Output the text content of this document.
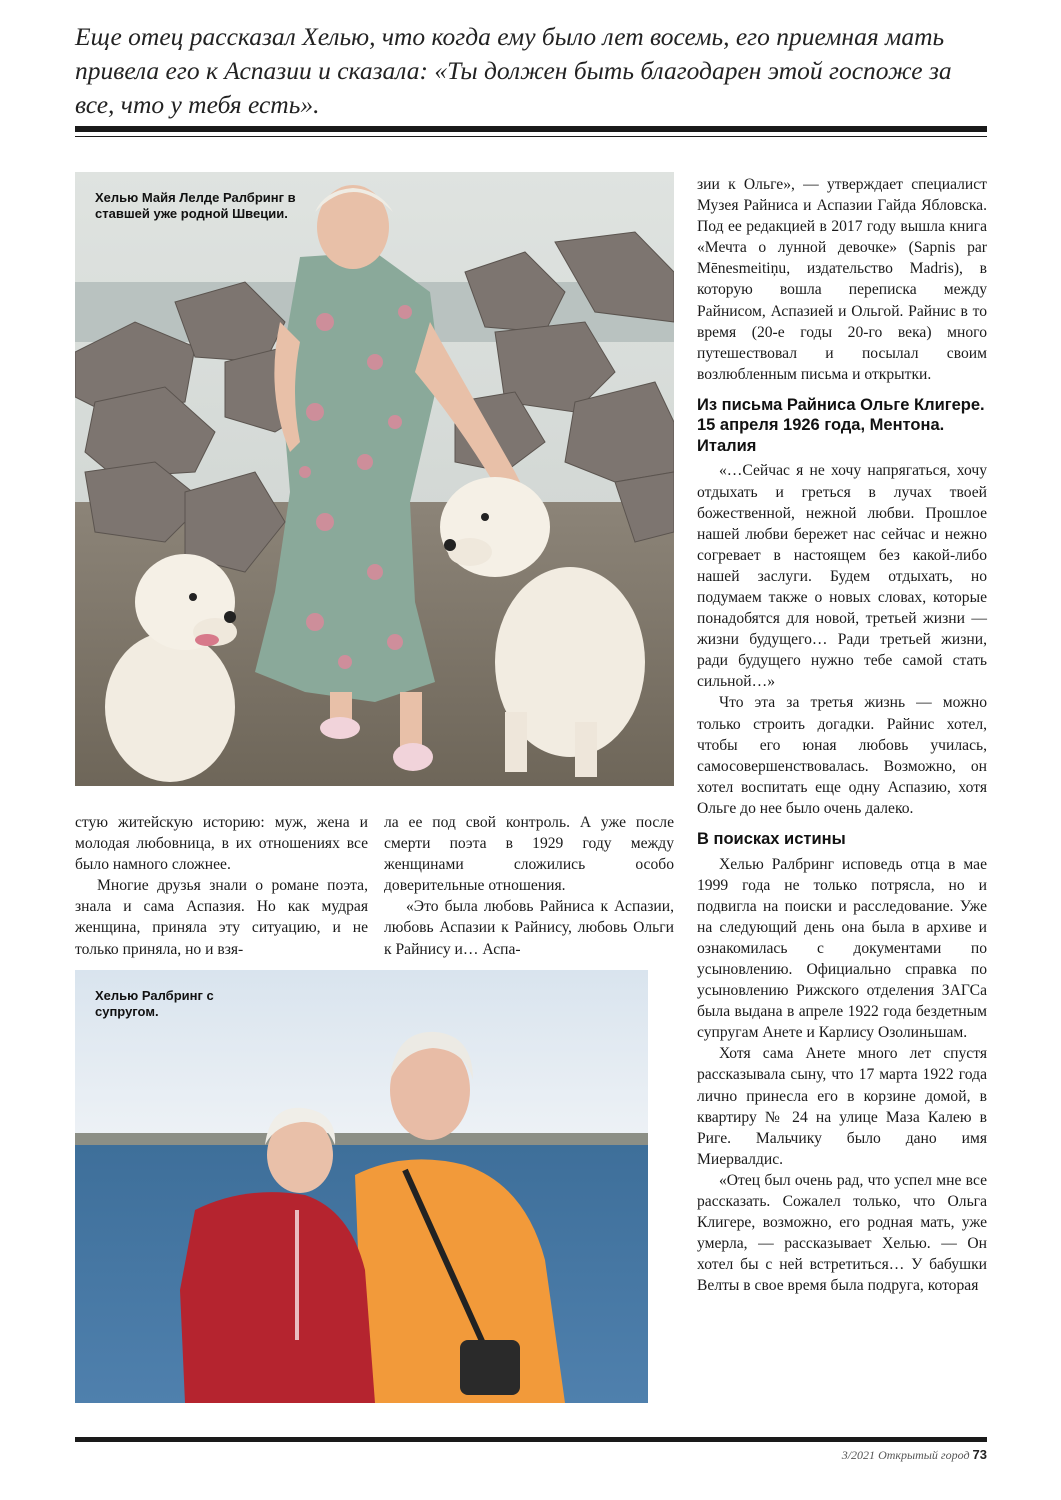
Еще отец рассказал Хелью, что когда ему было лет восемь, его приемная мать привела его к Аспазии и сказала: «Ты должен быть благодарен этой госпоже за все, что у тебя есть».

Хелью Майя Лелде Ралбринг в ставшей уже родной Швеции.

стую житейскую историю: муж, жена и молодая любовница, в их отношениях все было намного сложнее.

Многие друзья знали о романе поэта, знала и сама Аспазия. Но как мудрая женщина, приняла эту ситуацию, и не только приняла, но и взя-

ла ее под свой контроль. А уже после смерти поэта в 1929 году между женщинами сложились особо доверительные отношения.

«Это была любовь Райниса к Аспазии, любовь Аспазии к Райнису, любовь Ольги к Райнису и… Аспа-

зии к Ольге», — утверждает специалист Музея Райниса и Аспазии Гайда Ябловска. Под ее редакцией в 2017 году вышла книга «Мечта о лунной девочке» (Sapnis par Mēnesmeitiņu, издательство Madris), в которую вошла переписка между Райнисом, Аспазией и Ольгой. Райнис в то время (20-е годы 20-го века) много путешествовал и посылал своим возлюбленным письма и открытки.

Из письма Райниса Ольге Клигере. 15 апреля 1926 года, Ментона. Италия

«…Сейчас я не хочу напрягаться, хочу отдыхать и греться в лучах твоей божественной, нежной любви. Прошлое нашей любви бережет нас сейчас и нежно согревает в настоящем без какой-либо нашей заслуги. Будем отдыхать, но подумаем также о новых словах, которые понадобятся для новой, третьей жизни — жизни будущего… Ради третьей жизни, ради будущего нужно тебе самой стать сильной…»

Что эта за третья жизнь — можно только строить догадки. Райнис хотел, чтобы его юная любовь училась, самосовершенствовалась. Возможно, он хотел воспитать еще одну Аспазию, хотя Ольге до нее было очень далеко.

В поисках истины

Хелью Ралбринг исповедь отца в мае 1999 года не только потрясла, но и подвигла на поиски и расследование. Уже на следующий день она была в архиве и ознакомилась с документами по усыновлению. Официально справка по усыновлению Рижского отделения ЗАГСа была выдана в апреле 1922 года бездетным супругам Анете и Карлису Озолиньшам.

Хотя сама Анете много лет спустя рассказывала сыну, что 17 марта 1922 года лично принесла его в корзине домой, в квартиру № 24 на улице Маза Калею в Риге. Мальчику было дано имя Миервалдис.

«Отец был очень рад, что успел мне все рассказать. Сожалел только, что Ольга Клигере, возможно, его родная мать, уже умерла, — рассказывает Хелью. — Он хотел бы с ней встретиться… У бабушки Велты в свое время была подруга, которая

Хелью Ралбринг с супругом.
3/2021 Открытый город 73
